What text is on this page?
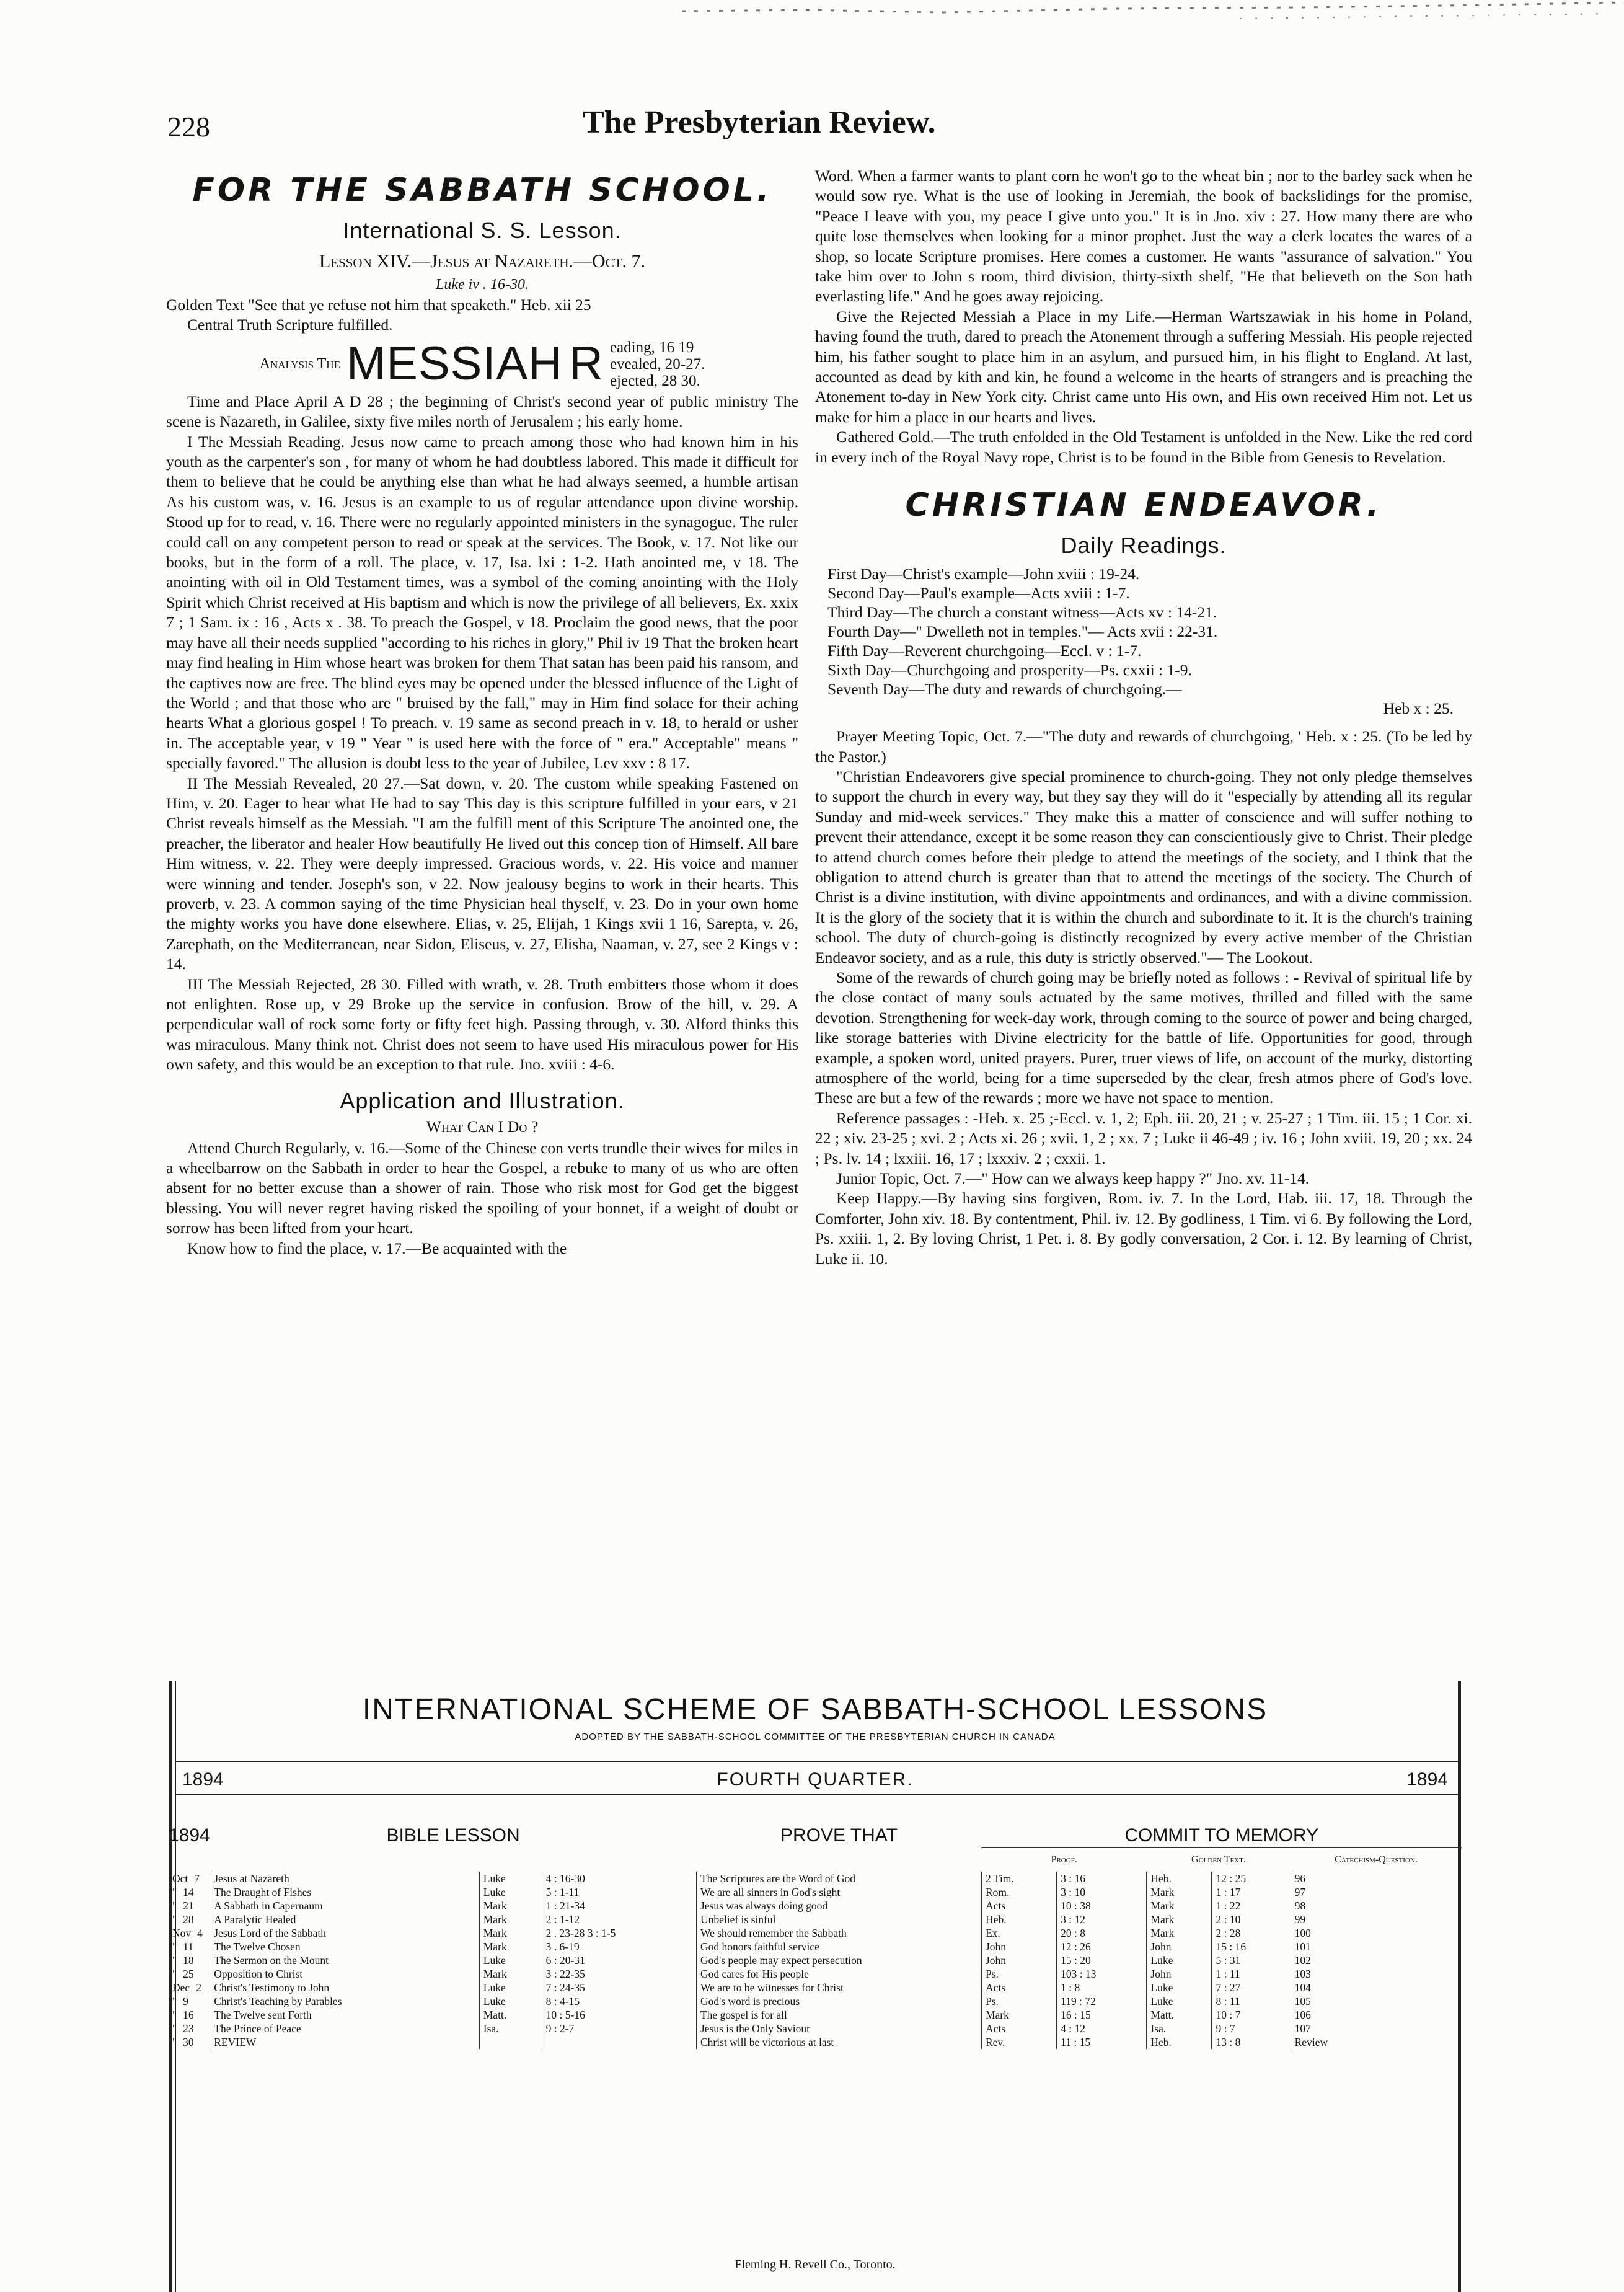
228	The Presbyterian Review.
FOR THE SABBATH SCHOOL.
International S. S. Lesson.
Lesson XIV.—Jesus at Nazareth.—Oct. 7.
Luke iv . 16-30.

Golden Text "See that ye refuse not him that speaketh." Heb. xii 25

Central Truth Scripture fulfilled.

Analysis The MESSIAH R eading, 16 19
evealed, 20-27.
ejected, 28 30.

Time and Place April A D 28 ; the beginning of Christ's second year of public ministry The scene is Nazareth, in Galilee, sixty five miles north of Jerusalem ; his early home.

I The Messiah Reading. Jesus now came to preach among those who had known him in his youth as the carpenter's son , for many of whom he had doubtless labored. This made it difficult for them to believe that he could be anything else than what he had always seemed, a humble artisan As his custom was, v. 16. Jesus is an example to us of regular attendance upon divine worship. Stood up for to read, v. 16. There were no regularly appointed ministers in the synagogue. The ruler could call on any competent person to read or speak at the services. The Book, v. 17. Not like our books, but in the form of a roll. The place, v. 17, Isa. lxi : 1-2. Hath anointed me, v 18. The anointing with oil in Old Testament times, was a symbol of the coming anointing with the Holy Spirit which Christ received at His baptism and which is now the privilege of all believers, Ex. xxix 7 ; 1 Sam. ix : 16 , Acts x . 38. To preach the Gospel, v 18. Proclaim the good news, that the poor may have all their needs supplied "according to his riches in glory," Phil iv 19 That the broken heart may find healing in Him whose heart was broken for them That satan has been paid his ransom, and the captives now are free. The blind eyes may be opened under the blessed influence of the Light of the World ; and that those who are " bruised by the fall," may in Him find solace for their aching hearts What a glorious gospel ! To preach. v. 19 same as second preach in v. 18, to herald or usher in. The acceptable year, v 19 " Year " is used here with the force of " era." Acceptable" means " specially favored." The allusion is doubt less to the year of Jubilee, Lev xxv : 8 17.

II The Messiah Revealed, 20 27.—Sat down, v. 20. The custom while speaking Fastened on Him, v. 20. Eager to hear what He had to say This day is this scripture fulfilled in your ears, v 21 Christ reveals himself as the Messiah. "I am the fulfill ment of this Scripture The anointed one, the preacher, the liberator and healer How beautifully He lived out this concep tion of Himself. All bare Him witness, v. 22. They were deeply impressed. Gracious words, v. 22. His voice and manner were winning and tender. Joseph's son, v 22. Now jealousy begins to work in their hearts. This proverb, v. 23. A common saying of the time Physician heal thyself, v. 23. Do in your own home the mighty works you have done elsewhere. Elias, v. 25, Elijah, 1 Kings xvii 1 16, Sarepta, v. 26, Zarephath, on the Mediterranean, near Sidon, Eliseus, v. 27, Elisha, Naaman, v. 27, see 2 Kings v : 14.

III The Messiah Rejected, 28 30. Filled with wrath, v. 28. Truth embitters those whom it does not enlighten. Rose up, v 29 Broke up the service in confusion. Brow of the hill, v. 29. A perpendicular wall of rock some forty or fifty feet high. Passing through, v. 30. Alford thinks this was miraculous. Many think not. Christ does not seem to have used His miraculous power for His own safety, and this would be an exception to that rule. Jno. xviii : 4-6.

Application and Illustration.
What Can I Do ?

Attend Church Regularly, v. 16.—Some of the Chinese con verts trundle their wives for miles in a wheelbarrow on the Sabbath in order to hear the Gospel, a rebuke to many of us who are often absent for no better excuse than a shower of rain. Those who risk most for God get the biggest blessing. You will never regret having risked the spoiling of your bonnet, if a weight of doubt or sorrow has been lifted from your heart.

Know how to find the place, v. 17.—Be acquainted with the

Word. When a farmer wants to plant corn he won't go to the wheat bin ; nor to the barley sack when he would sow rye. What is the use of looking in Jeremiah, the book of backslidings for the promise, "Peace I leave with you, my peace I give unto you." It is in Jno. xiv : 27. How many there are who quite lose themselves when looking for a minor prophet. Just the way a clerk locates the wares of a shop, so locate Scripture promises. Here comes a customer. He wants "assurance of salvation." You take him over to John s room, third division, thirty-sixth shelf, "He that believeth on the Son hath everlasting life." And he goes away rejoicing.

Give the Rejected Messiah a Place in my Life.—Herman Wartszawiak in his home in Poland, having found the truth, dared to preach the Atonement through a suffering Messiah. His people rejected him, his father sought to place him in an asylum, and pursued him, in his flight to England. At last, accounted as dead by kith and kin, he found a welcome in the hearts of strangers and is preaching the Atonement to-day in New York city. Christ came unto His own, and His own received Him not. Let us make for him a place in our hearts and lives.

Gathered Gold.—The truth enfolded in the Old Testament is unfolded in the New. Like the red cord in every inch of the Royal Navy rope, Christ is to be found in the Bible from Genesis to Revelation.

CHRISTIAN ENDEAVOR.
Daily Readings.
First Day—Christ's example—John xviii : 19-24.
Second Day—Paul's example—Acts xviii : 1-7.
Third Day—The church a constant witness—Acts xv : 14-21.
Fourth Day—" Dwelleth not in temples."— Acts xvii : 22-31.
Fifth Day—Reverent churchgoing—Eccl. v : 1-7.
Sixth Day—Churchgoing and prosperity—Ps. cxxii : 1-9.
Seventh Day—The duty and rewards of churchgoing.—
Heb x : 25.

Prayer Meeting Topic, Oct. 7.—"The duty and rewards of churchgoing, ' Heb. x : 25. (To be led by the Pastor.)

"Christian Endeavorers give special prominence to church-going. They not only pledge themselves to support the church in every way, but they say they will do it "especially by attending all its regular Sunday and mid-week services." They make this a matter of conscience and will suffer nothing to prevent their attendance, except it be some reason they can conscientiously give to Christ. Their pledge to attend church comes before their pledge to attend the meetings of the society, and I think that the obligation to attend church is greater than that to attend the meetings of the society. The Church of Christ is a divine institution, with divine appointments and ordinances, and with a divine commission. It is the glory of the society that it is within the church and subordinate to it. It is the church's training school. The duty of church-going is distinctly recognized by every active member of the Christian Endeavor society, and as a rule, this duty is strictly observed."— The Lookout.

Some of the rewards of church going may be briefly noted as follows : - Revival of spiritual life by the close contact of many souls actuated by the same motives, thrilled and filled with the same devotion. Strengthening for week-day work, through coming to the source of power and being charged, like storage batteries with Divine electricity for the battle of life. Opportunities for good, through example, a spoken word, united prayers. Purer, truer views of life, on account of the murky, distorting atmosphere of the world, being for a time superseded by the clear, fresh atmos phere of God's love. These are but a few of the rewards ; more we have not space to mention.

Reference passages : -Heb. x. 25 ;-Eccl. v. 1, 2; Eph. iii. 20, 21 ; v. 25-27 ; 1 Tim. iii. 15 ; 1 Cor. xi. 22 ; xiv. 23-25 ; xvi. 2 ; Acts xi. 26 ; xvii. 1, 2 ; xx. 7 ; Luke ii 46-49 ; iv. 16 ; John xviii. 19, 20 ; xx. 24 ; Ps. lv. 14 ; lxxiii. 16, 17 ; lxxxiv. 2 ; cxxii. 1.

Junior Topic, Oct. 7.—" How can we always keep happy ?" Jno. xv. 11-14.

Keep Happy.—By having sins forgiven, Rom. iv. 7. In the Lord, Hab. iii. 17, 18. Through the Comforter, John xiv. 18. By contentment, Phil. iv. 12. By godliness, 1 Tim. vi 6. By following the Lord, Ps. xxiii. 1, 2. By loving Christ, 1 Pet. i. 8. By godly conversation, 2 Cor. i. 12. By learning of Christ, Luke ii. 10.

INTERNATIONAL SCHEME OF SABBATH-SCHOOL LESSONS
ADOPTED BY THE SABBATH-SCHOOL COMMITTEE OF THE PRESBYTERIAN CHURCH IN CANADA
1894	FOURTH QUARTER.	1894
1894	BIBLE LESSON			PROVE THAT	COMMIT TO MEMORY				
					Proof.		Golden Text.		Catechism-Question.
Oct 7	Jesus at Nazareth	Luke	4 : 16-30	The Scriptures are the Word of God	2 Tim.	3 : 16	Heb.	12 : 25	96
" 14	The Draught of Fishes	Luke	5 : 1-11	We are all sinners in God's sight	Rom.	3 : 10	Mark	1 : 17	97
" 21	A Sabbath in Capernaum	Mark	1 : 21-34	Jesus was always doing good	Acts	10 : 38	Mark	1 : 22	98
" 28	A Paralytic Healed	Mark	2 : 1-12	Unbelief is sinful	Heb.	3 : 12	Mark	2 : 10	99
Nov 4	Jesus Lord of the Sabbath	Mark	2 . 23-28 3 : 1-5	We should remember the Sabbath	Ex.	20 : 8	Mark	2 : 28	100
" 11	The Twelve Chosen	Mark	3 . 6-19	God honors faithful service	John	12 : 26	John	15 : 16	101
" 18	The Sermon on the Mount	Luke	6 : 20-31	God's people may expect persecution	John	15 : 20	Luke	5 : 31	102
" 25	Opposition to Christ	Mark	3 : 22-35	God cares for His people	Ps.	103 : 13	John	1 : 11	103
Dec 2	Christ's Testimony to John	Luke	7 : 24-35	We are to be witnesses for Christ	Acts	1 : 8	Luke	7 : 27	104
" 9	Christ's Teaching by Parables	Luke	8 : 4-15	God's word is precious	Ps.	119 : 72	Luke	8 : 11	105
" 16	The Twelve sent Forth	Matt.	10 : 5-16	The gospel is for all	Mark	16 : 15	Matt.	10 : 7	106
" 23	The Prince of Peace	Isa.	9 : 2-7	Jesus is the Only Saviour	Acts	4 : 12	Isa.	9 : 7	107
" 30	REVIEW			Christ will be victorious at last	Rev.	11 : 15	Heb.	13 : 8	Review
Fleming H. Revell Co., Toronto.
